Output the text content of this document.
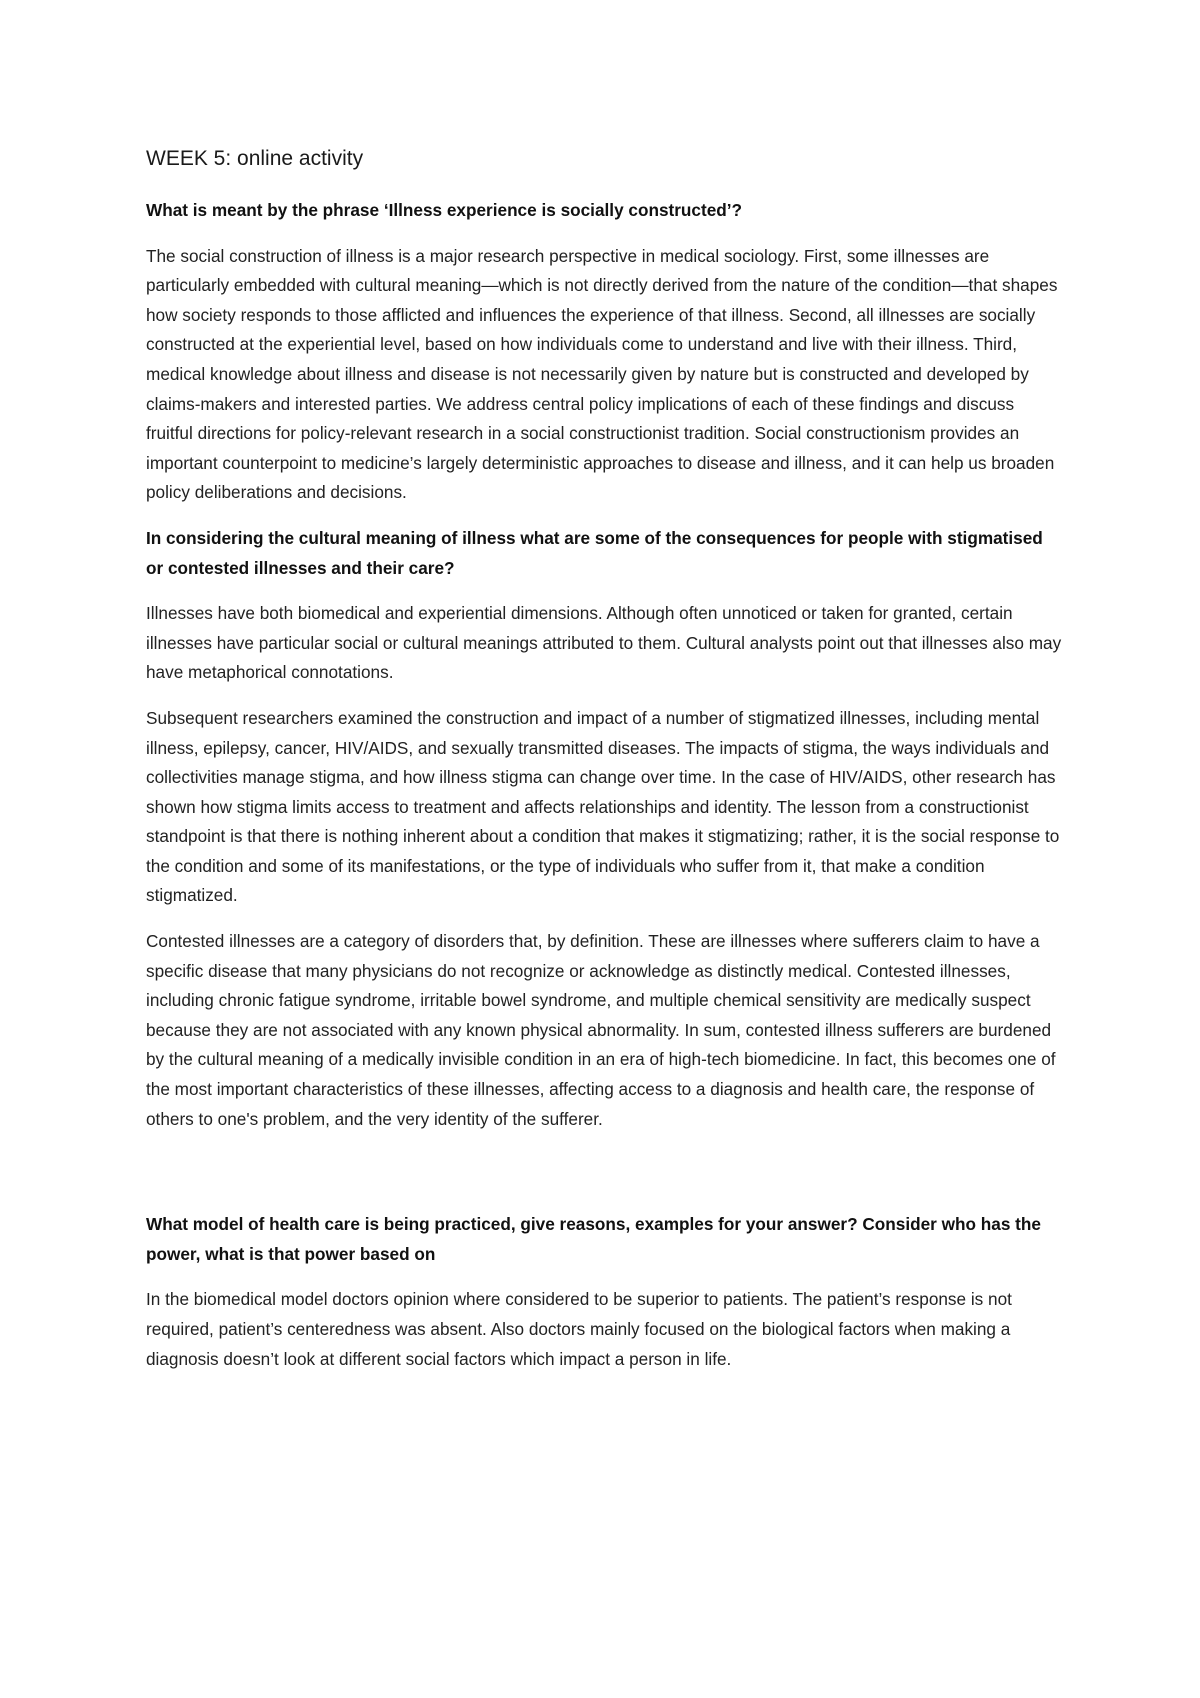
WEEK 5: online activity

What is meant by the phrase ‘Illness experience is socially constructed’?

The social construction of illness is a major research perspective in medical sociology. First, some illnesses are particularly embedded with cultural meaning—which is not directly derived from the nature of the condition—that shapes how society responds to those afflicted and influences the experience of that illness. Second, all illnesses are socially constructed at the experiential level, based on how individuals come to understand and live with their illness. Third, medical knowledge about illness and disease is not necessarily given by nature but is constructed and developed by claims-makers and interested parties. We address central policy implications of each of these findings and discuss fruitful directions for policy-relevant research in a social constructionist tradition. Social constructionism provides an important counterpoint to medicine’s largely deterministic approaches to disease and illness, and it can help us broaden policy deliberations and decisions.

In considering the cultural meaning of illness what are some of the consequences for people with stigmatised or contested illnesses and their care?

Illnesses have both biomedical and experiential dimensions. Although often unnoticed or taken for granted, certain illnesses have particular social or cultural meanings attributed to them. Cultural analysts point out that illnesses also may have metaphorical connotations.

Subsequent researchers examined the construction and impact of a number of stigmatized illnesses, including mental illness, epilepsy, cancer, HIV/AIDS, and sexually transmitted diseases. The impacts of stigma, the ways individuals and collectivities manage stigma, and how illness stigma can change over time. In the case of HIV/AIDS, other research has shown how stigma limits access to treatment and affects relationships and identity. The lesson from a constructionist standpoint is that there is nothing inherent about a condition that makes it stigmatizing; rather, it is the social response to the condition and some of its manifestations, or the type of individuals who suffer from it, that make a condition stigmatized.

Contested illnesses are a category of disorders that, by definition. These are illnesses where sufferers claim to have a specific disease that many physicians do not recognize or acknowledge as distinctly medical. Contested illnesses, including chronic fatigue syndrome, irritable bowel syndrome, and multiple chemical sensitivity are medically suspect because they are not associated with any known physical abnormality. In sum, contested illness sufferers are burdened by the cultural meaning of a medically invisible condition in an era of high-tech biomedicine. In fact, this becomes one of the most important characteristics of these illnesses, affecting access to a diagnosis and health care, the response of others to one's problem, and the very identity of the sufferer.

What model of health care is being practiced, give reasons, examples for your answer? Consider who has the power, what is that power based on

In the biomedical model doctors opinion where considered to be superior to patients. The patient’s response is not required, patient’s centeredness was absent. Also doctors mainly focused on the biological factors when making a diagnosis doesn’t look at different social factors which impact a person in life.
